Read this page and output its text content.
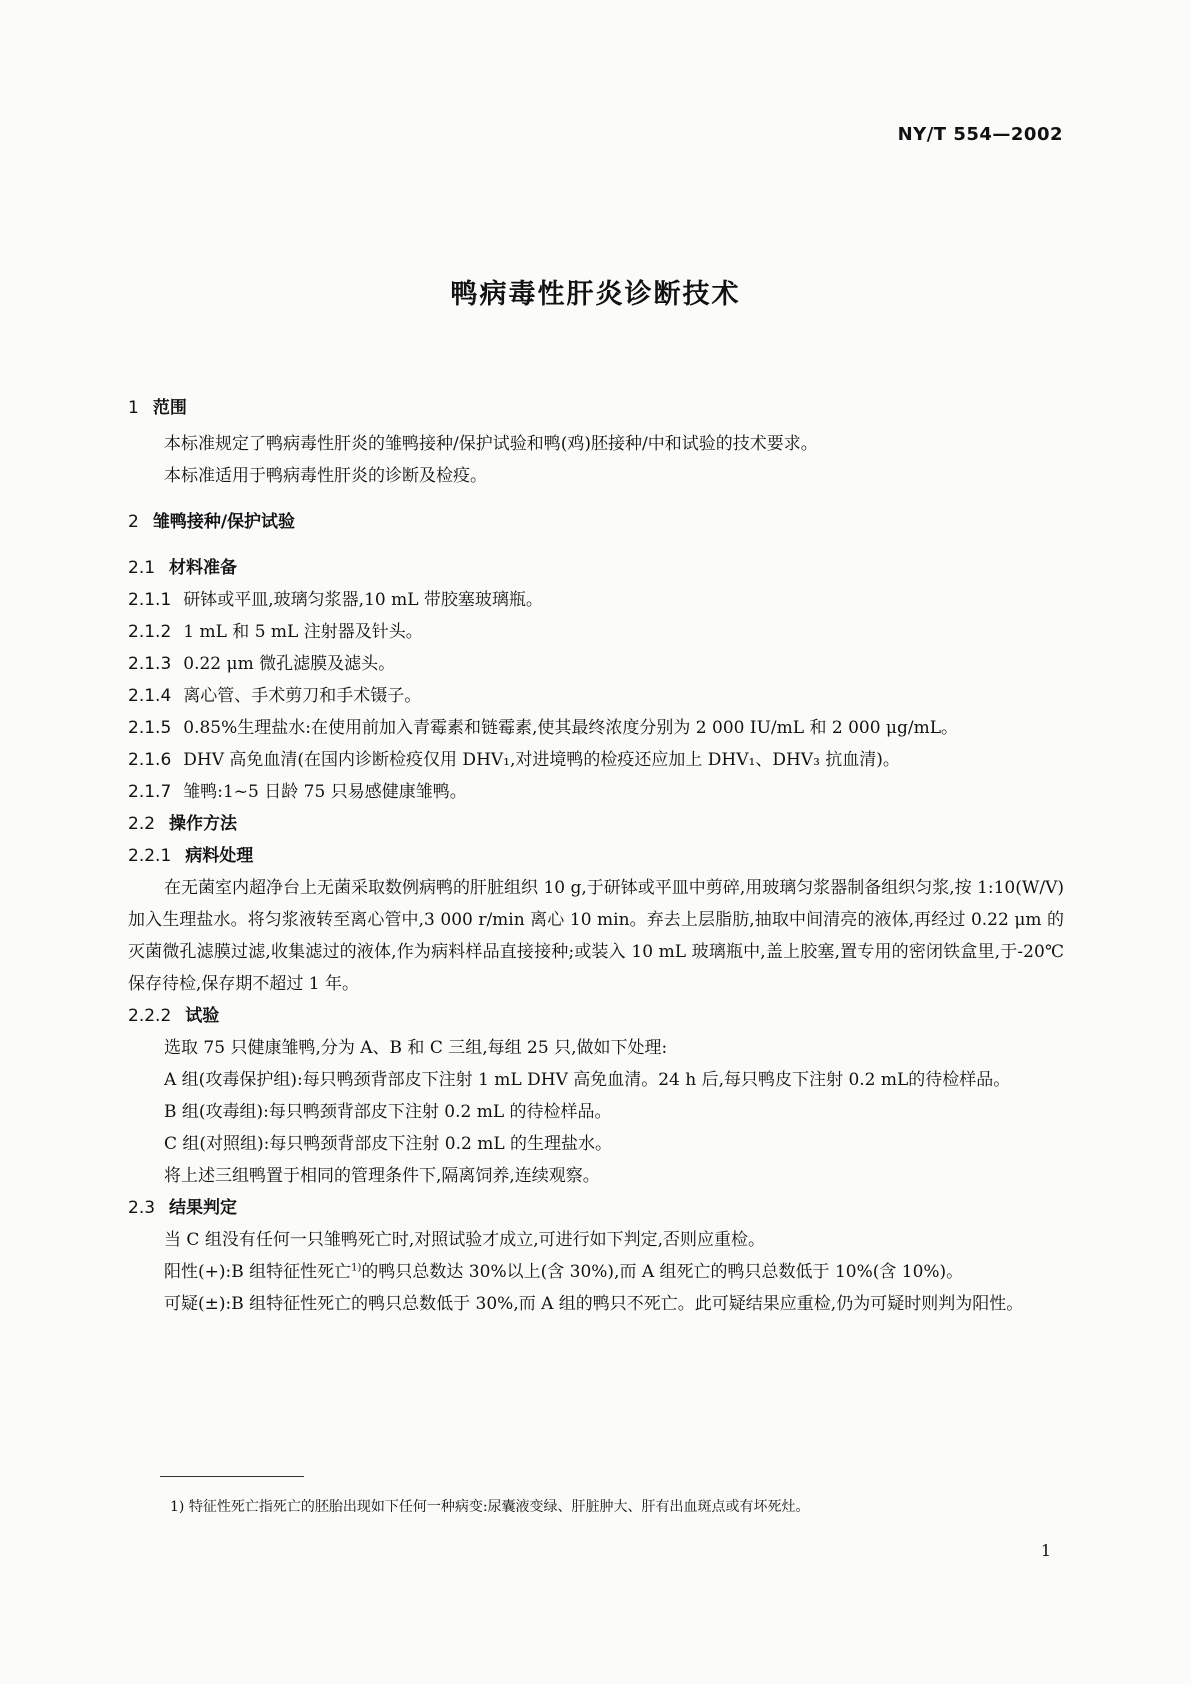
NY/T 554—2002
鸭病毒性肝炎诊断技术
1 范围

本标准规定了鸭病毒性肝炎的雏鸭接种/保护试验和鸭(鸡)胚接种/中和试验的技术要求。

本标准适用于鸭病毒性肝炎的诊断及检疫。

2 雏鸭接种/保护试验
2.1 材料准备

2.1.1 研钵或平皿,玻璃匀浆器,10 mL 带胶塞玻璃瓶。

2.1.2 1 mL 和 5 mL 注射器及针头。

2.1.3 0.22 μm 微孔滤膜及滤头。

2.1.4 离心管、手术剪刀和手术镊子。

2.1.5 0.85%生理盐水:在使用前加入青霉素和链霉素,使其最终浓度分别为 2 000 IU/mL 和 2 000 μg/mL。

2.1.6 DHV 高免血清(在国内诊断检疫仅用 DHV₁,对进境鸭的检疫还应加上 DHV₁、DHV₃ 抗血清)。

2.1.7 雏鸭:1~5 日龄 75 只易感健康雏鸭。

2.2 操作方法
2.2.1 病料处理

在无菌室内超净台上无菌采取数例病鸭的肝脏组织 10 g,于研钵或平皿中剪碎,用玻璃匀浆器制备组织匀浆,按 1:10(W/V)加入生理盐水。将匀浆液转至离心管中,3 000 r/min 离心 10 min。弃去上层脂肪,抽取中间清亮的液体,再经过 0.22 μm 的灭菌微孔滤膜过滤,收集滤过的液体,作为病料样品直接接种;或装入 10 mL 玻璃瓶中,盖上胶塞,置专用的密闭铁盒里,于-20℃保存待检,保存期不超过 1 年。

2.2.2 试验

选取 75 只健康雏鸭,分为 A、B 和 C 三组,每组 25 只,做如下处理:

A 组(攻毒保护组):每只鸭颈背部皮下注射 1 mL DHV 高免血清。24 h 后,每只鸭皮下注射 0.2 mL的待检样品。

B 组(攻毒组):每只鸭颈背部皮下注射 0.2 mL 的待检样品。

C 组(对照组):每只鸭颈背部皮下注射 0.2 mL 的生理盐水。

将上述三组鸭置于相同的管理条件下,隔离饲养,连续观察。

2.3 结果判定

当 C 组没有任何一只雏鸭死亡时,对照试验才成立,可进行如下判定,否则应重检。

阳性(+):B 组特征性死亡$^{1)}$的鸭只总数达 30%以上(含 30%),而 A 组死亡的鸭只总数低于 10%(含 10%)。

可疑(±):B 组特征性死亡的鸭只总数低于 30%,而 A 组的鸭只不死亡。此可疑结果应重检,仍为可疑时则判为阳性。

1) 特征性死亡指死亡的胚胎出现如下任何一种病变:尿囊液变绿、肝脏肿大、肝有出血斑点或有坏死灶。
1
